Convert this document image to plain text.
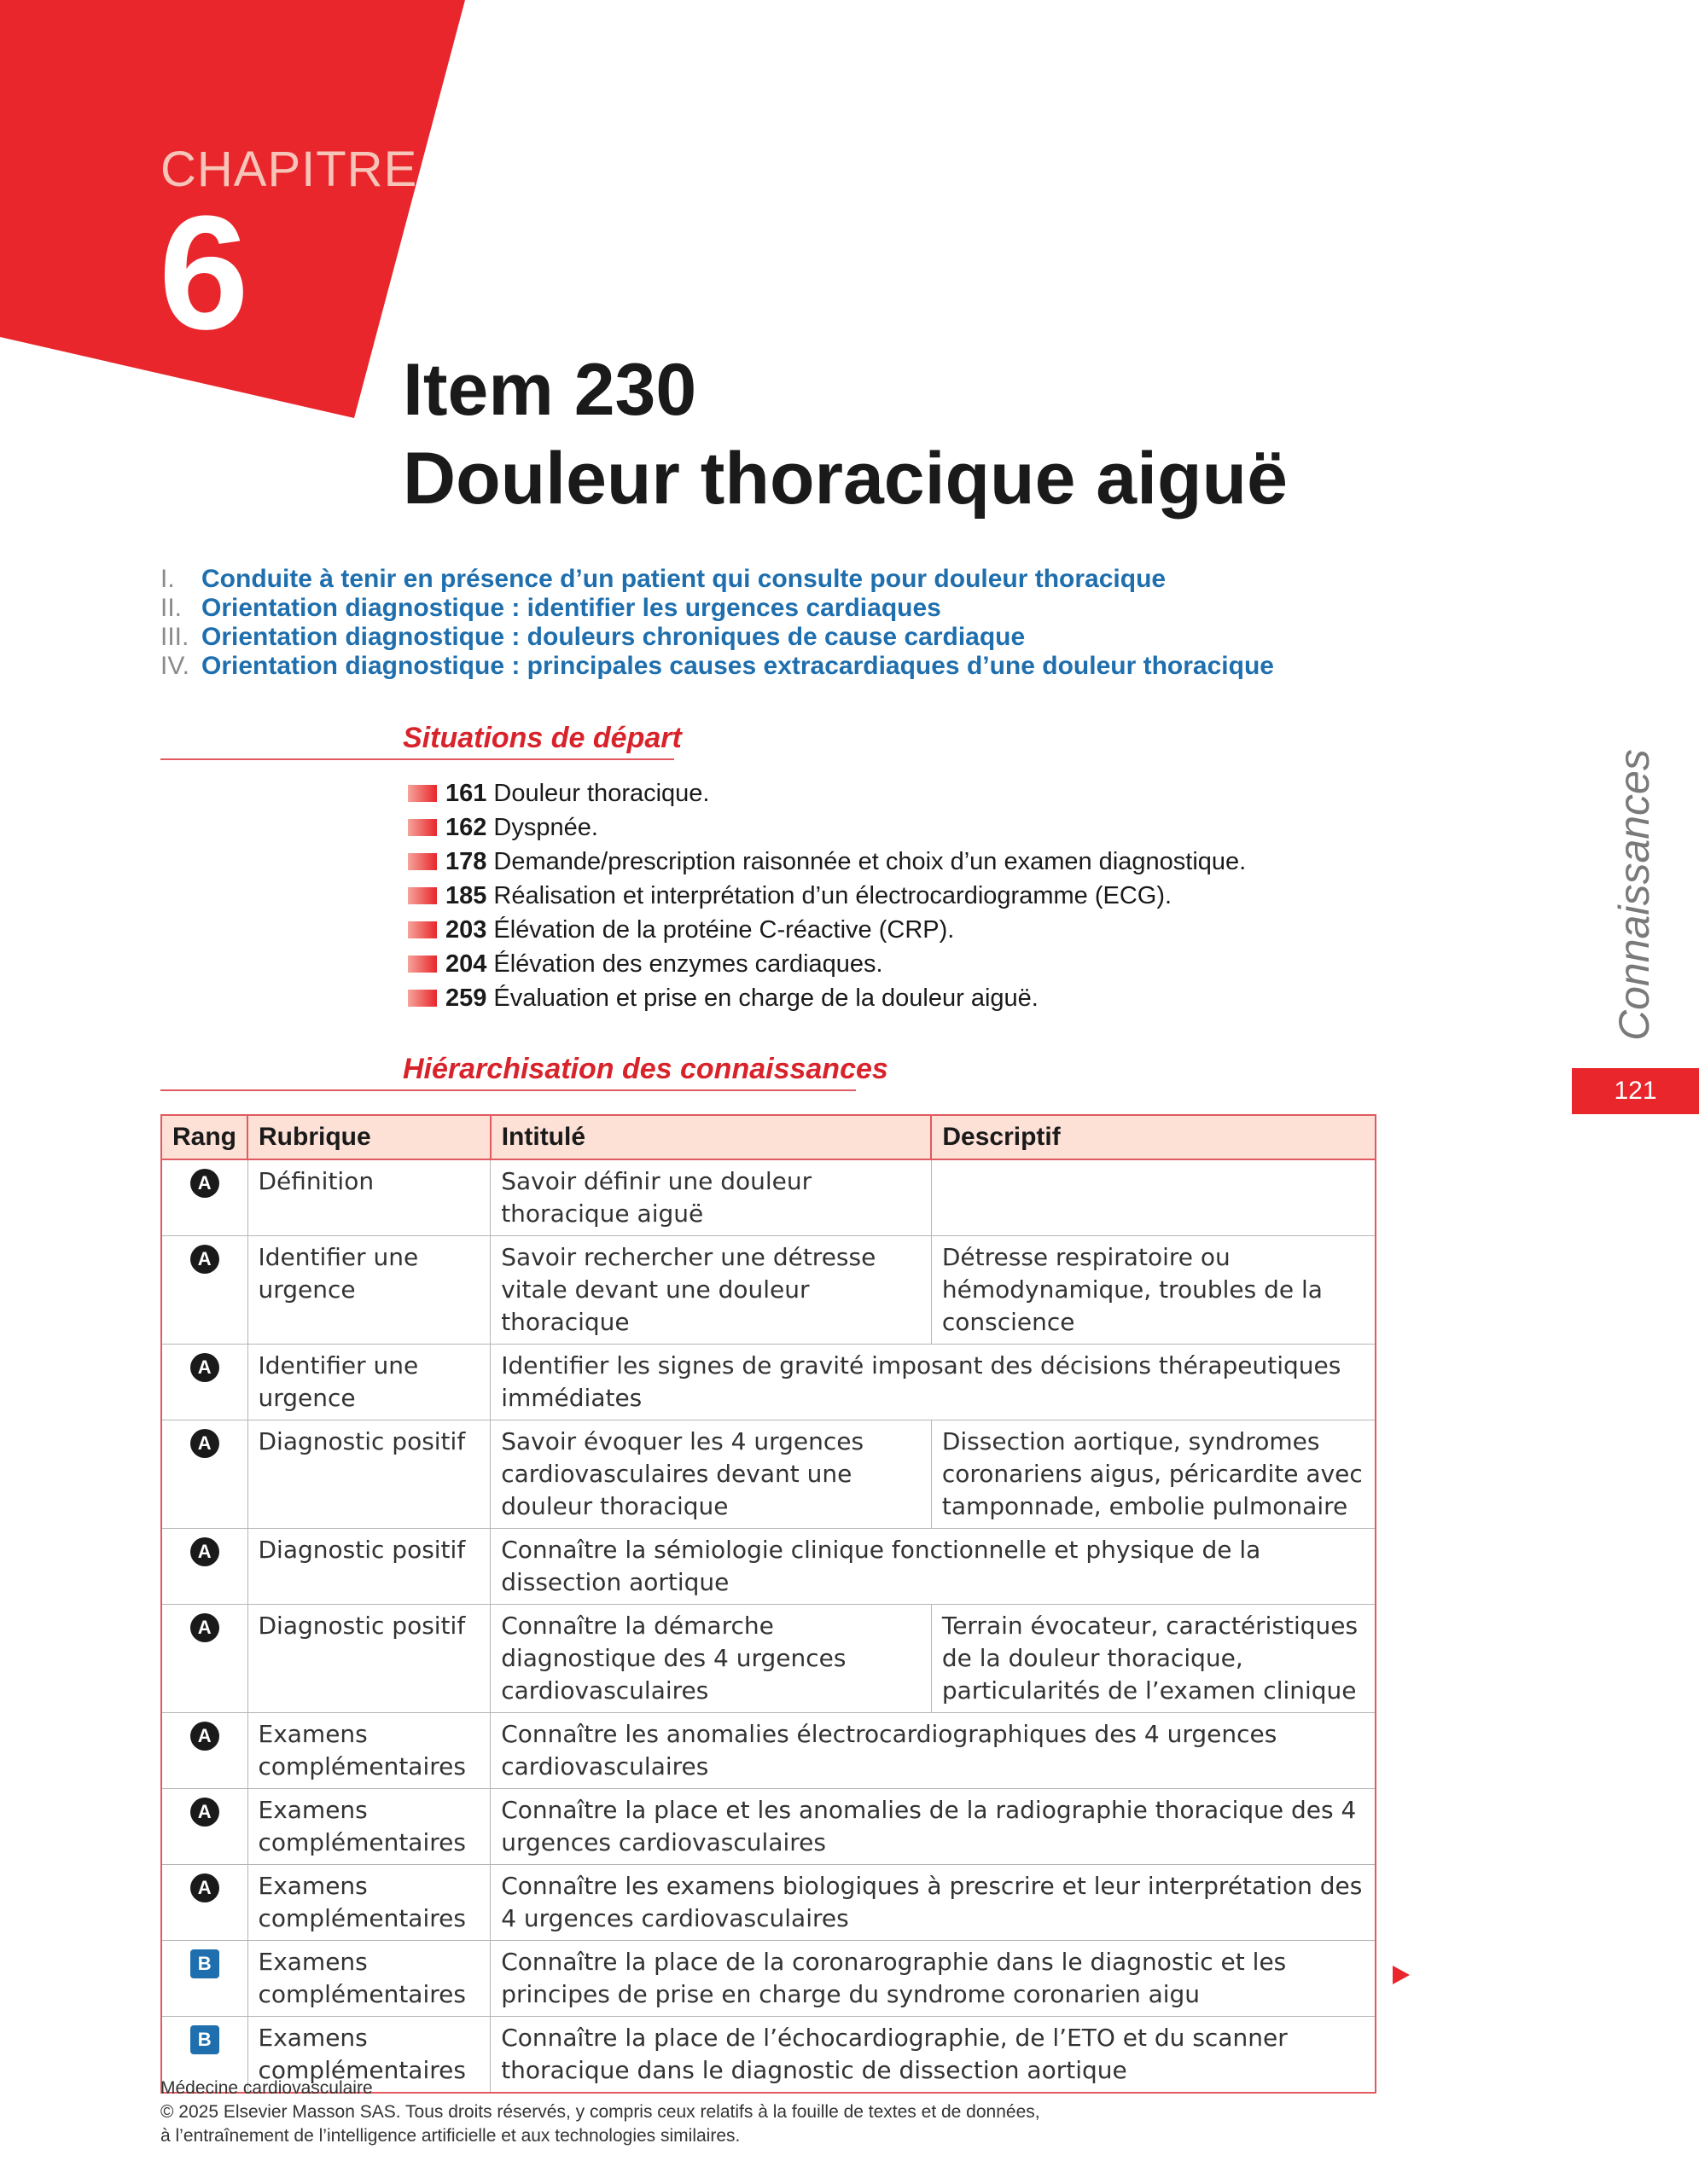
CHAPITRE
6
Item 230
Douleur thoracique aiguë
I.	Conduite à tenir en présence d’un patient qui consulte pour douleur thoracique
II. Orientation diagnostique : identifier les urgences cardiaques
III. Orientation diagnostique : douleurs chroniques de cause cardiaque
IV. Orientation diagnostique : principales causes extracardiaques d’une douleur thoracique
Situations de départ
161 Douleur thoracique.
162 Dyspnée.
178 Demande/prescription raisonnée et choix d’un examen diagnostique.
185 Réalisation et interprétation d’un électrocardiogramme (ECG).
203 Élévation de la protéine C-réactive (CRP).
204 Élévation des enzymes cardiaques.
259 Évaluation et prise en charge de la douleur aiguë.	Connaissances
121
Hiérarchisation des connaissances
Rang	Rubrique	Intitulé	Descriptif
A	Définition	Savoir définir une douleur thoracique aiguë	
A	Identifier une urgence	Savoir rechercher une détresse vitale devant une douleur thoracique	Détresse respiratoire ou hémodynamique, troubles de la conscience
A	Identifier une urgence	Identifier les signes de gravité imposant des décisions thérapeutiques immédiates	
A	Diagnostic positif	Savoir évoquer les 4 urgences cardiovasculaires devant une douleur thoracique	Dissection aortique, syndromes coronariens aigus, péricardite avec tamponnade, embolie pulmonaire
A	Diagnostic positif	Connaître la sémiologie clinique fonctionnelle et physique de la dissection aortique	
A	Diagnostic positif	Connaître la démarche diagnostique des 4 urgences cardiovasculaires	Terrain évocateur, caractéristiques de la douleur thoracique, particularités de l’examen clinique
A	Examens complémentaires	Connaître les anomalies électrocardiographiques des 4 urgences cardiovasculaires	
A	Examens complémentaires	Connaître la place et les anomalies de la radiographie thoracique des 4 urgences cardiovasculaires	
A	Examens complémentaires	Connaître les examens biologiques à prescrire et leur interprétation des 4 urgences cardiovasculaires	
B	Examens complémentaires	Connaître la place de la coronarographie dans le diagnostic et les principes de prise en charge du syndrome coronarien aigu	
B	Examens complémentaires	Connaître la place de l’échocardiographie, de l’ETO et du scanner thoracique dans le diagnostic de dissection aortique	
Médecine cardiovasculaire
© 2025 Elsevier Masson SAS. Tous droits réservés, y compris ceux relatifs à la fouille de textes et de données,
à l’entraînement de l’intelligence artificielle et aux technologies similaires.
